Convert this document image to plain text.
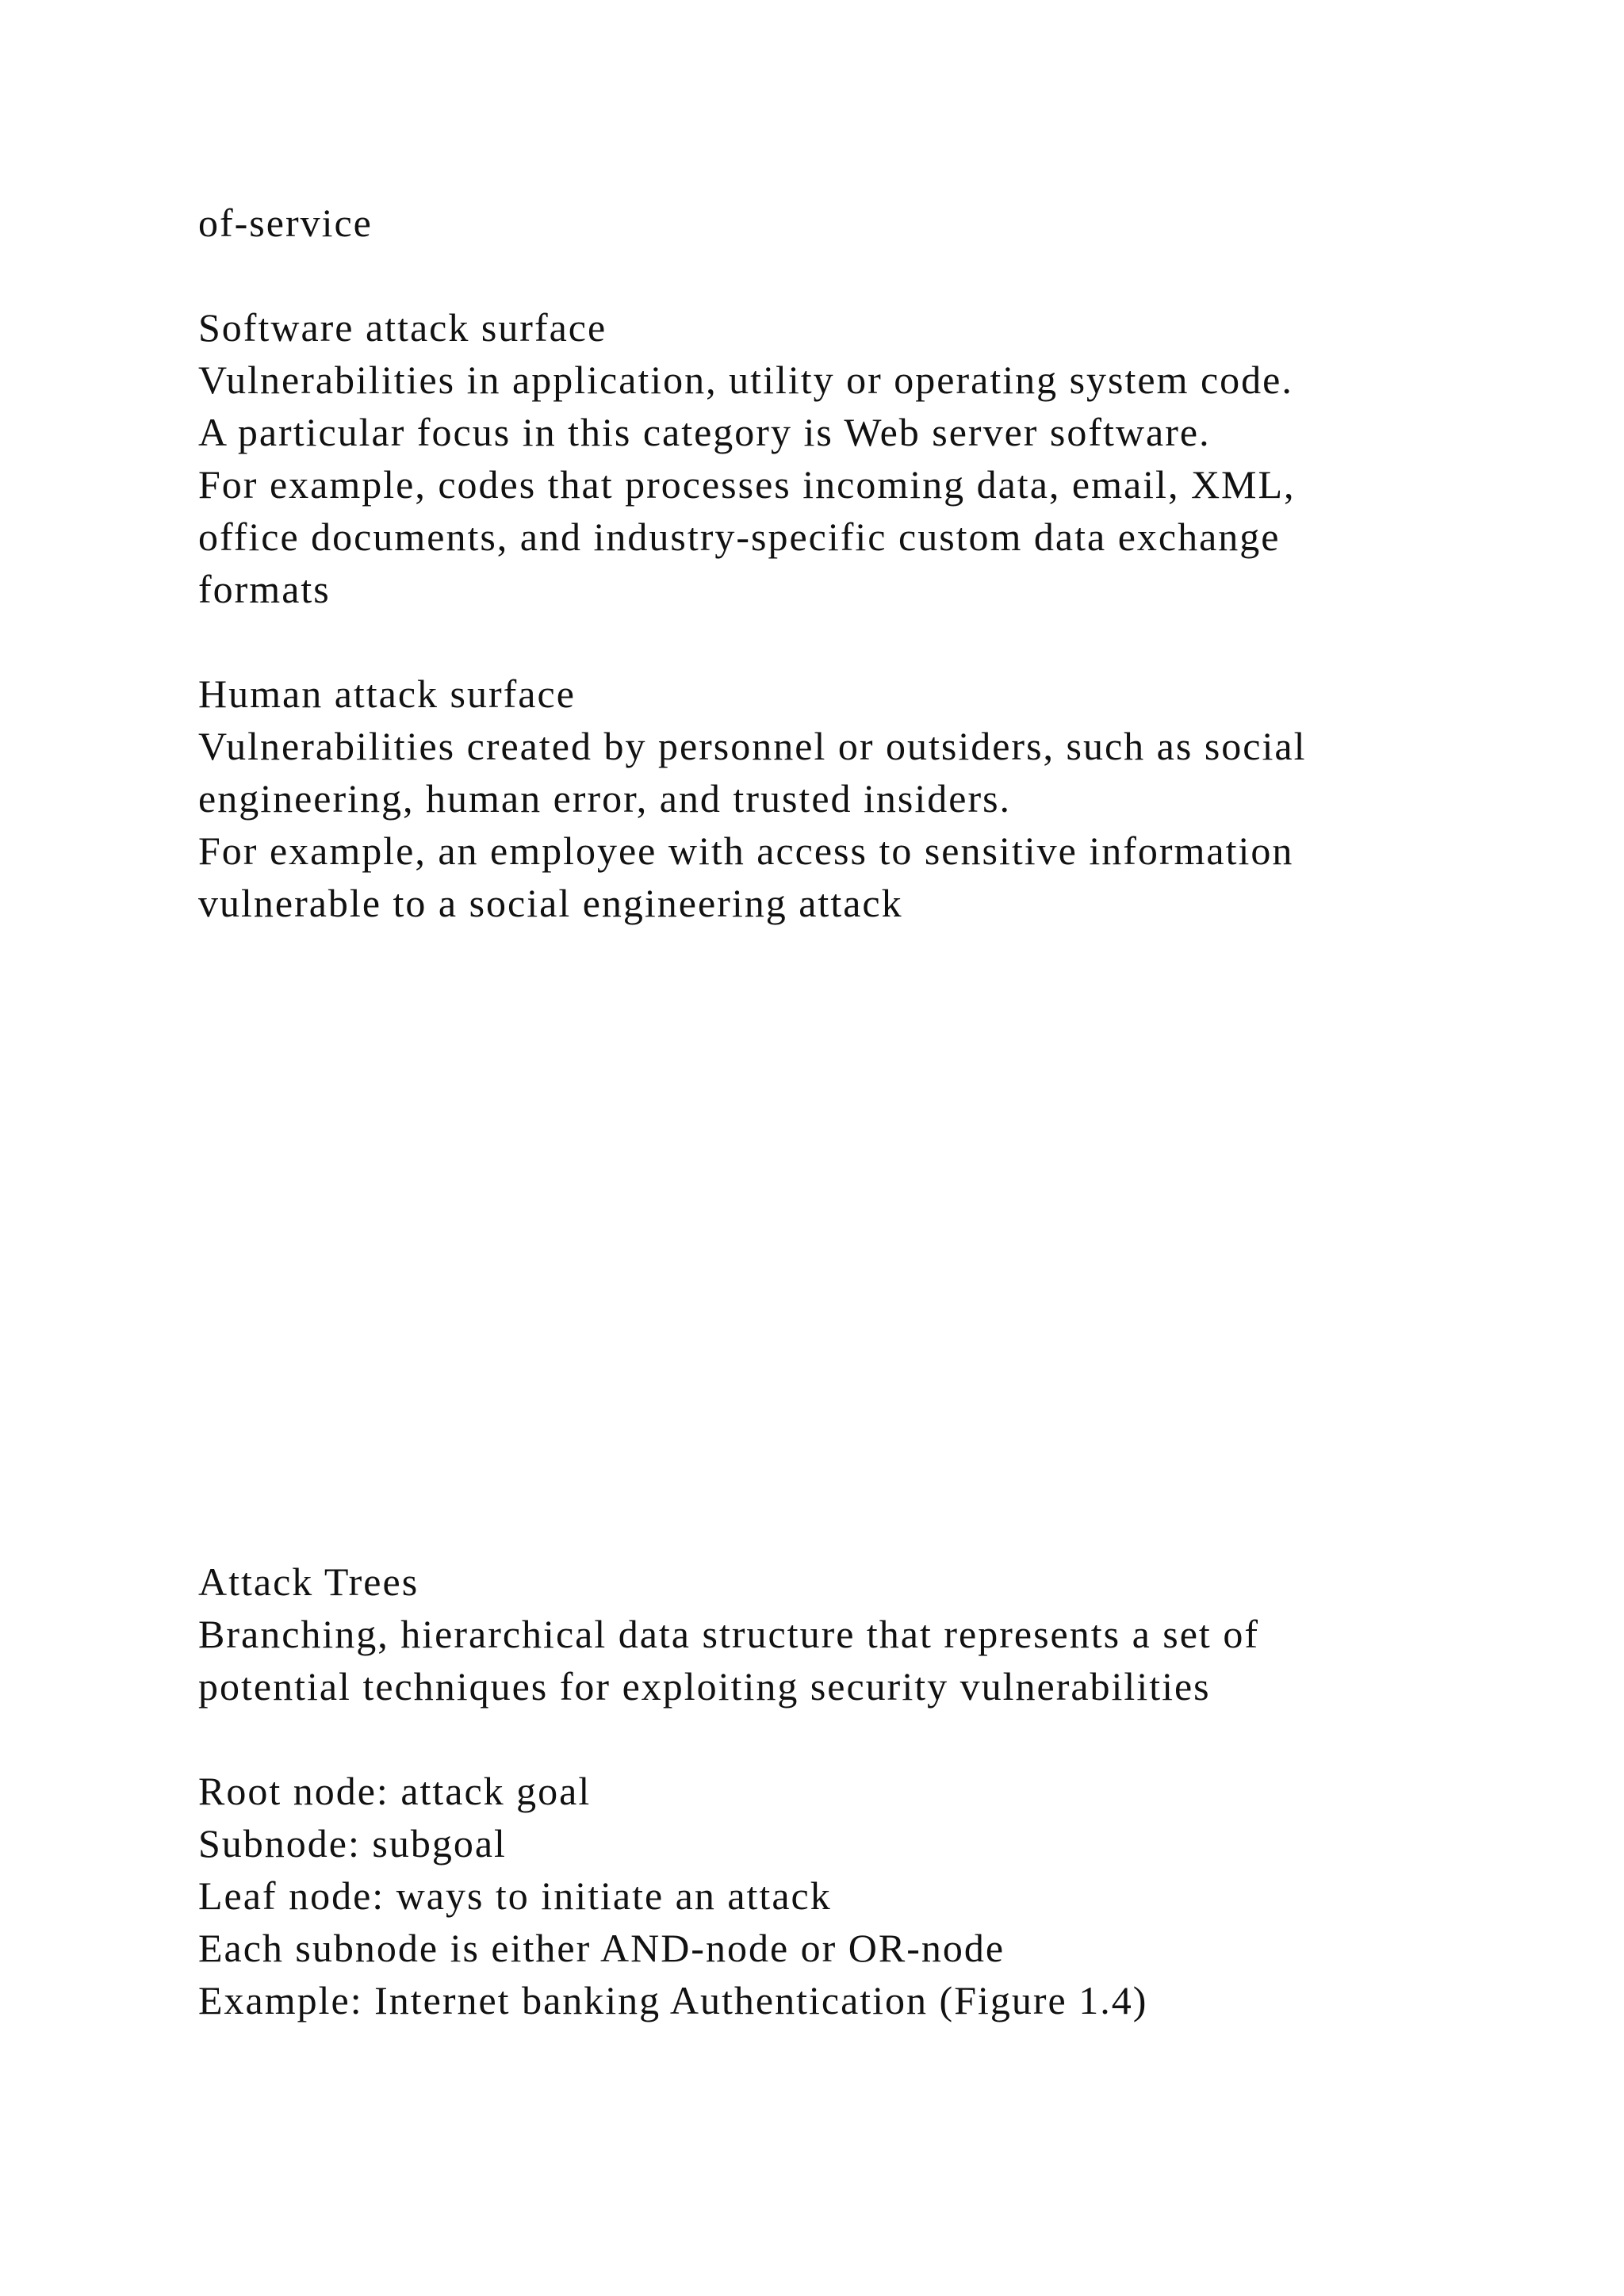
of-service
Software attack surface
Vulnerabilities in application, utility or operating system code.
A particular focus in this category is Web server software.
For example, codes that processes incoming data, email, XML,
office documents, and industry-specific custom data exchange
formats
Human attack surface
Vulnerabilities created by personnel or outsiders, such as social
engineering, human error, and trusted insiders.
For example, an employee with access to sensitive information
vulnerable to a social engineering attack
Attack Trees
Branching, hierarchical data structure that represents a set of
potential techniques for exploiting security vulnerabilities
Root node: attack goal
Subnode: subgoal
Leaf node: ways to initiate an attack
Each subnode is either AND-node or OR-node
Example: Internet banking Authentication (Figure 1.4)
